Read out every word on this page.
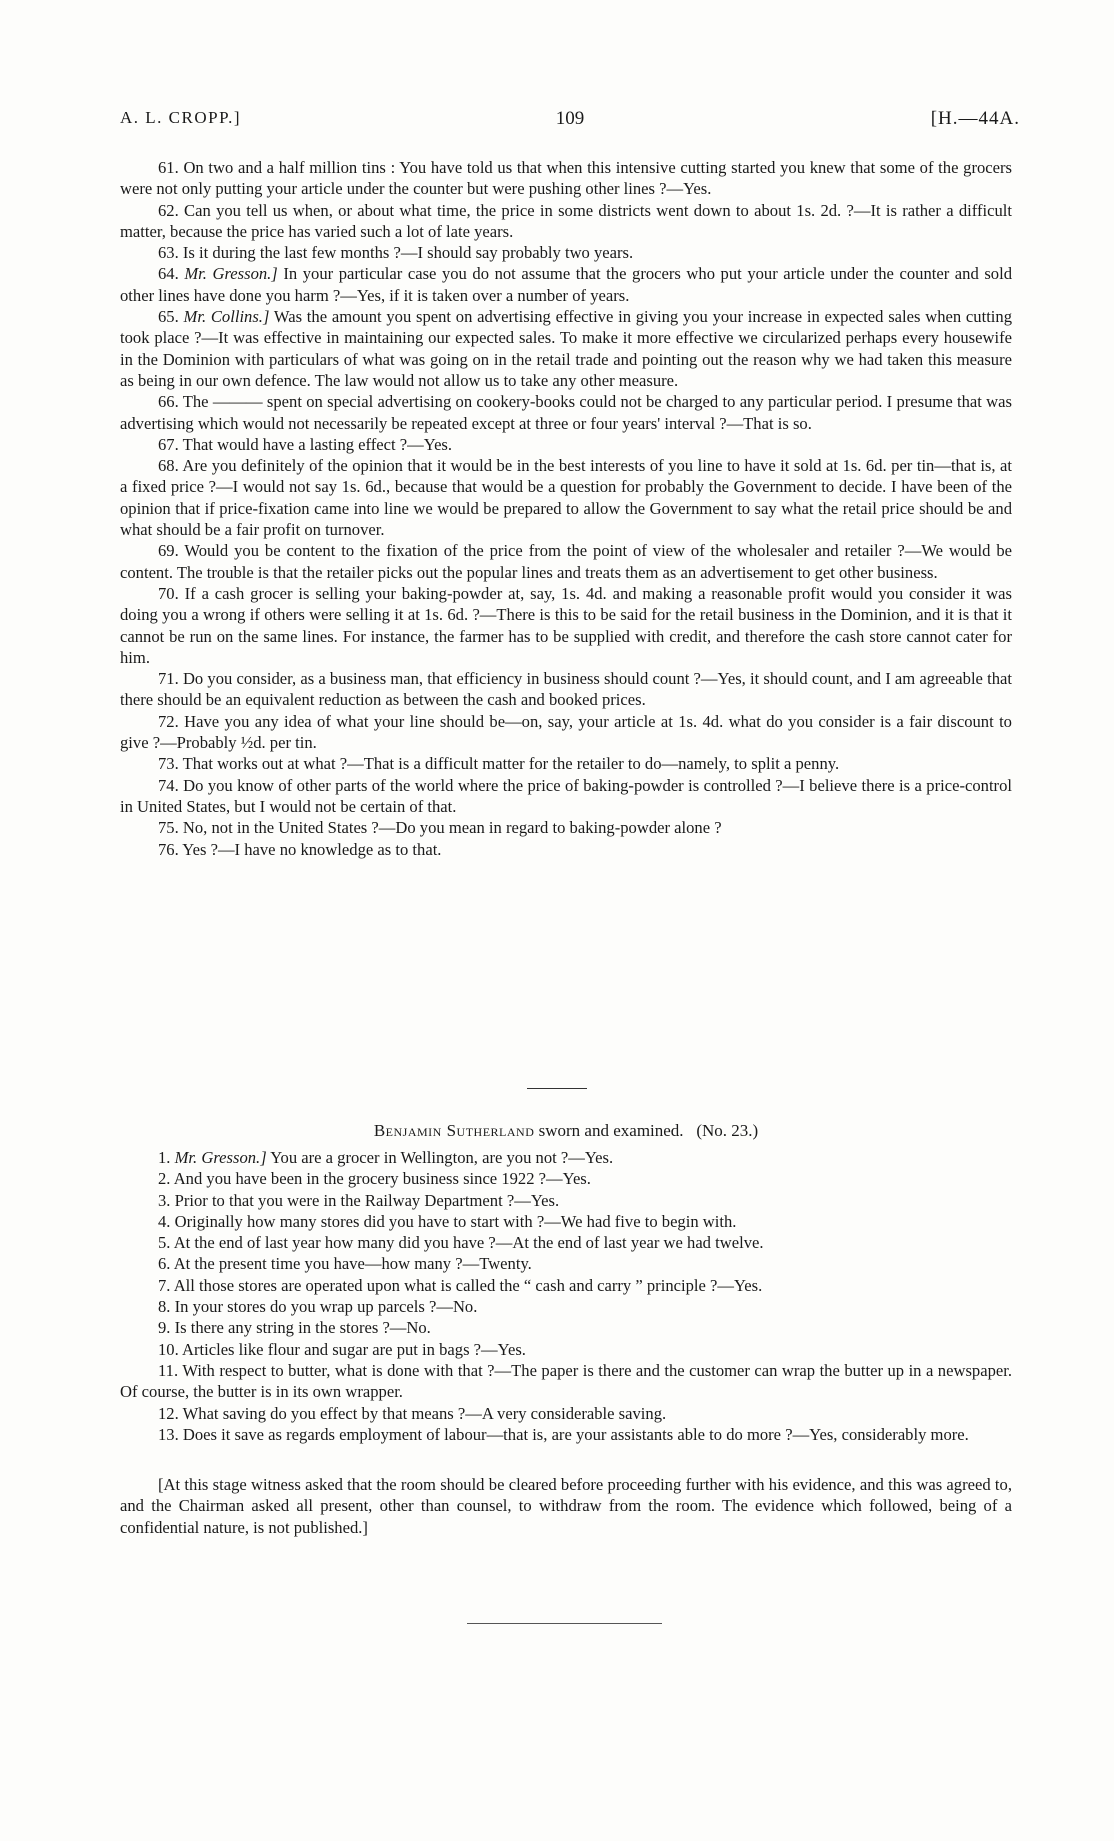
A. L. CROPP.]	109	[H.—44A.

61. On two and a half million tins : You have told us that when this intensive cutting started you knew that some of the grocers were not only putting your article under the counter but were pushing other lines ?—Yes.

62. Can you tell us when, or about what time, the price in some districts went down to about 1s. 2d. ?—It is rather a difficult matter, because the price has varied such a lot of late years.

63. Is it during the last few months ?—I should say probably two years.

64. Mr. Gresson.] In your particular case you do not assume that the grocers who put your article under the counter and sold other lines have done you harm ?—Yes, if it is taken over a number of years.

65. Mr. Collins.] Was the amount you spent on advertising effective in giving you your increase in expected sales when cutting took place ?—It was effective in maintaining our expected sales. To make it more effective we circularized perhaps every housewife in the Dominion with particulars of what was going on in the retail trade and pointing out the reason why we had taken this measure as being in our own defence. The law would not allow us to take any other measure.

66. The ——— spent on special advertising on cookery-books could not be charged to any particular period. I presume that was advertising which would not necessarily be repeated except at three or four years' interval ?—That is so.

67. That would have a lasting effect ?—Yes.

68. Are you definitely of the opinion that it would be in the best interests of you line to have it sold at 1s. 6d. per tin—that is, at a fixed price ?—I would not say 1s. 6d., because that would be a question for probably the Government to decide. I have been of the opinion that if price-fixation came into line we would be prepared to allow the Government to say what the retail price should be and what should be a fair profit on turnover.

69. Would you be content to the fixation of the price from the point of view of the wholesaler and retailer ?—We would be content. The trouble is that the retailer picks out the popular lines and treats them as an advertisement to get other business.

70. If a cash grocer is selling your baking-powder at, say, 1s. 4d. and making a reasonable profit would you consider it was doing you a wrong if others were selling it at 1s. 6d. ?—There is this to be said for the retail business in the Dominion, and it is that it cannot be run on the same lines. For instance, the farmer has to be supplied with credit, and therefore the cash store cannot cater for him.

71. Do you consider, as a business man, that efficiency in business should count ?—Yes, it should count, and I am agreeable that there should be an equivalent reduction as between the cash and booked prices.

72. Have you any idea of what your line should be—on, say, your article at 1s. 4d. what do you consider is a fair discount to give ?—Probably ½d. per tin.

73. That works out at what ?—That is a difficult matter for the retailer to do—namely, to split a penny.

74. Do you know of other parts of the world where the price of baking-powder is controlled ?—I believe there is a price-control in United States, but I would not be certain of that.

75. No, not in the United States ?—Do you mean in regard to baking-powder alone ?

76. Yes ?—I have no knowledge as to that.

Benjamin Sutherland sworn and examined. (No. 23.)

1. Mr. Gresson.] You are a grocer in Wellington, are you not ?—Yes.

2. And you have been in the grocery business since 1922 ?—Yes.

3. Prior to that you were in the Railway Department ?—Yes.

4. Originally how many stores did you have to start with ?—We had five to begin with.

5. At the end of last year how many did you have ?—At the end of last year we had twelve.

6. At the present time you have—how many ?—Twenty.

7. All those stores are operated upon what is called the “ cash and carry ” principle ?—Yes.

8. In your stores do you wrap up parcels ?—No.

9. Is there any string in the stores ?—No.

10. Articles like flour and sugar are put in bags ?—Yes.

11. With respect to butter, what is done with that ?—The paper is there and the customer can wrap the butter up in a newspaper. Of course, the butter is in its own wrapper.

12. What saving do you effect by that means ?—A very considerable saving.

13. Does it save as regards employment of labour—that is, are your assistants able to do more ?—Yes, considerably more.

[At this stage witness asked that the room should be cleared before proceeding further with his evidence, and this was agreed to, and the Chairman asked all present, other than counsel, to withdraw from the room. The evidence which followed, being of a confidential nature, is not published.]
